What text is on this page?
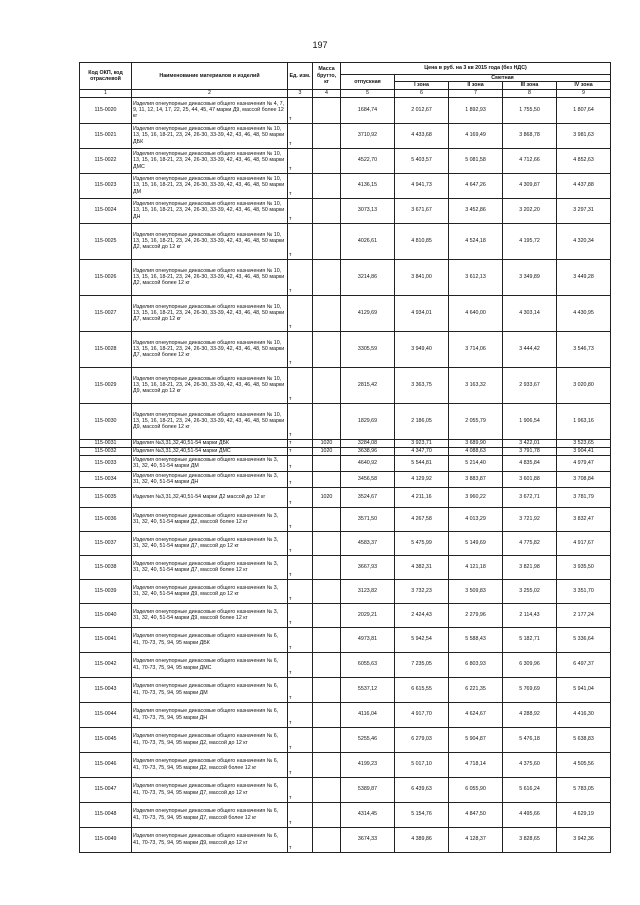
197
Код ОКП, код отраслевой	Наименование материалов и изделий	Ед. изм.	Масса брутто, кг	Цена в руб. на 3 кв 2015 года (без НДС)				
				отпускная	Сметная			
					I зона	II зона	III зона	IV зона
1	2	3	4	5	6	7	8	9
115-0020	Изделия огнеупорные динасовые общего назначения № 4, 7, 9, 11, 12, 14, 17, 22, 25, 44, 45, 47 марки Д9, массой более 12 кг	т		1684,74	2 012,67	1 892,93	1 755,50	1 807,64
115-0021	Изделия огнеупорные динасовые общего назначения № 10, 13, 15, 16, 18-21, 23, 24, 26-30, 33-39, 42, 43, 46, 48, 50 марки ДБК	т		3710,92	4 433,68	4 169,49	3 868,78	3 981,63
115-0022	Изделия огнеупорные динасовые общего назначения № 10, 13, 15, 16, 18-21, 23, 24, 26-30, 33-39, 42, 43, 46, 48, 50 марки ДМС	т		4522,70	5 403,57	5 081,58	4 712,66	4 852,63
115-0023	Изделия огнеупорные динасовые общего назначения № 10, 13, 15, 16, 18-21, 23, 24, 26-30, 33-39, 42, 43, 46, 48, 50 марки ДМ	т		4136,15	4 941,73	4 647,26	4 309,87	4 437,88
115-0024	Изделия огнеупорные динасовые общего назначения № 10, 13, 15, 16, 18-21, 23, 24, 26-30, 33-39, 42, 43, 46, 48, 50 марки ДН	т		3073,13	3 671,67	3 452,86	3 202,20	3 297,31
115-0025	Изделия огнеупорные динасовые общего назначения № 10, 13, 15, 16, 18-21, 23, 24, 26-30, 33-39, 42, 43, 46, 48, 50 марки Д2, массой до 12 кг	т		4026,61	4 810,85	4 524,18	4 195,72	4 320,34
115-0026	Изделия огнеупорные динасовые общего назначения № 10, 13, 15, 16, 18-21, 23, 24, 26-30, 33-39, 42, 43, 46, 48, 50 марки Д2, массой более 12 кг	т		3214,86	3 841,00	3 612,13	3 349,89	3 449,28
115-0027	Изделия огнеупорные динасовые общего назначения № 10, 13, 15, 16, 18-21, 23, 24, 26-30, 33-39, 42, 43, 46, 48, 50 марки Д7, массой до 12 кг	т		4129,69	4 934,01	4 640,00	4 303,14	4 430,95
115-0028	Изделия огнеупорные динасовые общего назначения № 10, 13, 15, 16, 18-21, 23, 24, 26-30, 33-39, 42, 43, 46, 48, 50 марки Д7, массой более 12 кг	т		3305,59	3 949,40	3 714,06	3 444,42	3 546,73
115-0029	Изделия огнеупорные динасовые общего назначения № 10, 13, 15, 16, 18-21, 23, 24, 26-30, 33-39, 42, 43, 46, 48, 50 марки Д9, массой до 12 кг	т		2815,42	3 363,75	3 163,32	2 933,67	3 020,80
115-0030	Изделия огнеупорные динасовые общего назначения № 10, 13, 15, 16, 18-21, 23, 24, 26-30, 33-39, 42, 43, 46, 48, 50 марки Д9, массой более 12 кг	т		1829,69	2 186,05	2 055,79	1 906,54	1 963,16
115-0031	Изделия №3,31,32,40,51-54 марки ДБК	т	1020	3284,08	3 923,71	3 689,90	3 422,01	3 523,65
115-0032	Изделия №3,31,32,40,51-54 марки ДМС	т	1020	3638,96	4 347,70	4 088,63	3 791,78	3 904,41
115-0033	Изделия огнеупорные динасовые общего назначения № 3, 31, 32, 40, 51-54 марки ДМ	т		4640,92	5 544,81	5 214,40	4 835,84	4 979,47
115-0034	Изделия огнеупорные динасовые общего назначения № 3, 31, 32, 40, 51-54 марки ДН	т		3456,58	4 129,92	3 883,87	3 601,88	3 708,84
115-0035	Изделия №3,31,32,40,51-54 марки Д2 массой до 12 кг	т	1020	3524,67	4 211,16	3 960,22	3 672,71	3 781,79
115-0036	Изделия огнеупорные динасовые общего назначения № 3, 31, 32, 40, 51-54 марки Д2, массой более 12 кг	т		3571,50	4 267,58	4 013,29	3 721,92	3 832,47
115-0037	Изделия огнеупорные динасовые общего назначения № 3, 31, 32, 40, 51-54 марки Д7, массой до 12 кг	т		4583,37	5 475,99	5 149,69	4 775,82	4 917,67
115-0038	Изделия огнеупорные динасовые общего назначения № 3, 31, 32, 40, 51-54 марки Д7, массой более 12 кг	т		3667,93	4 382,31	4 121,18	3 821,98	3 935,50
115-0039	Изделия огнеупорные динасовые общего назначения № 3, 31, 32, 40, 51-54 марки Д9, массой до 12 кг	т		3123,82	3 732,23	3 509,83	3 255,02	3 351,70
115-0040	Изделия огнеупорные динасовые общего назначения № 3, 31, 32, 40, 51-54 марки Д9, массой более 12 кг	т		2029,21	2 424,43	2 279,96	2 114,43	2 177,24
115-0041	Изделия огнеупорные динасовые общего назначения № 6, 41, 70-73, 75, 94, 95 марки ДБК	т		4973,81	5 942,54	5 588,43	5 182,71	5 336,64
115-0042	Изделия огнеупорные динасовые общего назначения № 6, 41, 70-73, 75, 94, 95 марки ДМС	т		6055,63	7 235,05	6 803,93	6 309,96	6 497,37
115-0043	Изделия огнеупорные динасовые общего назначения № 6, 41, 70-73, 75, 94, 95 марки ДМ	т		5537,12	6 615,55	6 221,35	5 769,69	5 941,04
115-0044	Изделия огнеупорные динасовые общего назначения № 6, 41, 70-73, 75, 94, 95 марки ДН	т		4116,04	4 917,70	4 624,67	4 288,92	4 416,30
115-0045	Изделия огнеупорные динасовые общего назначения № 6, 41, 70-73, 75, 94, 95 марки Д2, массой до 12 кг	т		5255,46	6 279,03	5 904,87	5 476,18	5 638,83
115-0046	Изделия огнеупорные динасовые общего назначения № 6, 41, 70-73, 75, 94, 95 марки Д2, массой более 12 кг	т		4199,23	5 017,10	4 718,14	4 375,60	4 505,56
115-0047	Изделия огнеупорные динасовые общего назначения № 6, 41, 70-73, 75, 94, 95 марки Д7, массой до 12 кг	т		5389,87	6 439,63	6 055,90	5 616,24	5 783,05
115-0048	Изделия огнеупорные динасовые общего назначения № 6, 41, 70-73, 75, 94, 95 марки Д7, массой более 12 кг	т		4314,45	5 154,76	4 847,50	4 495,66	4 629,19
115-0049	Изделия огнеупорные динасовые общего назначения № 6, 41, 70-73, 75, 94, 95 марки Д9, массой до 12 кг	т		3674,33	4 389,86	4 128,37	3 828,65	3 942,36
